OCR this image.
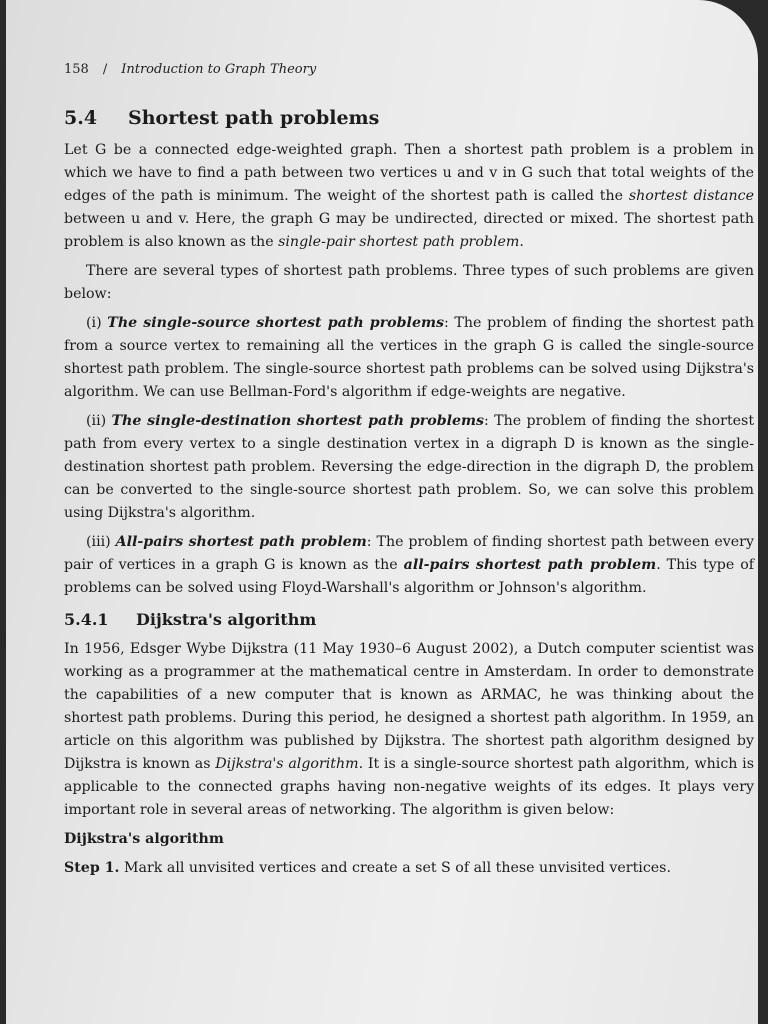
158 / Introduction to Graph Theory
5.4 Shortest path problems

Let G be a connected edge-weighted graph. Then a shortest path problem is a problem in which we have to find a path between two vertices u and v in G such that total weights of the edges of the path is minimum. The weight of the shortest path is called the shortest distance between u and v. Here, the graph G may be undirected, directed or mixed. The shortest path problem is also known as the single-pair shortest path problem.

There are several types of shortest path problems. Three types of such problems are given below:

(i) The single-source shortest path problems: The problem of finding the shortest path from a source vertex to remaining all the vertices in the graph G is called the single-source shortest path problem. The single-source shortest path problems can be solved using Dijkstra's algorithm. We can use Bellman-Ford's algorithm if edge-weights are negative.

(ii) The single-destination shortest path problems: The problem of finding the shortest path from every vertex to a single destination vertex in a digraph D is known as the single-destination shortest path problem. Reversing the edge-direction in the digraph D, the problem can be converted to the single-source shortest path problem. So, we can solve this problem using Dijkstra's algorithm.

(iii) All-pairs shortest path problem: The problem of finding shortest path between every pair of vertices in a graph G is known as the all-pairs shortest path problem. This type of problems can be solved using Floyd-Warshall's algorithm or Johnson's algorithm.

5.4.1 Dijkstra's algorithm

In 1956, Edsger Wybe Dijkstra (11 May 1930–6 August 2002), a Dutch computer scientist was working as a programmer at the mathematical centre in Amsterdam. In order to demonstrate the capabilities of a new computer that is known as ARMAC, he was thinking about the shortest path problems. During this period, he designed a shortest path algorithm. In 1959, an article on this algorithm was published by Dijkstra. The shortest path algorithm designed by Dijkstra is known as Dijkstra's algorithm. It is a single-source shortest path algorithm, which is applicable to the connected graphs having non-negative weights of its edges. It plays very important role in several areas of networking. The algorithm is given below:

Dijkstra's algorithm

Step 1. Mark all unvisited vertices and create a set S of all these unvisited vertices.
